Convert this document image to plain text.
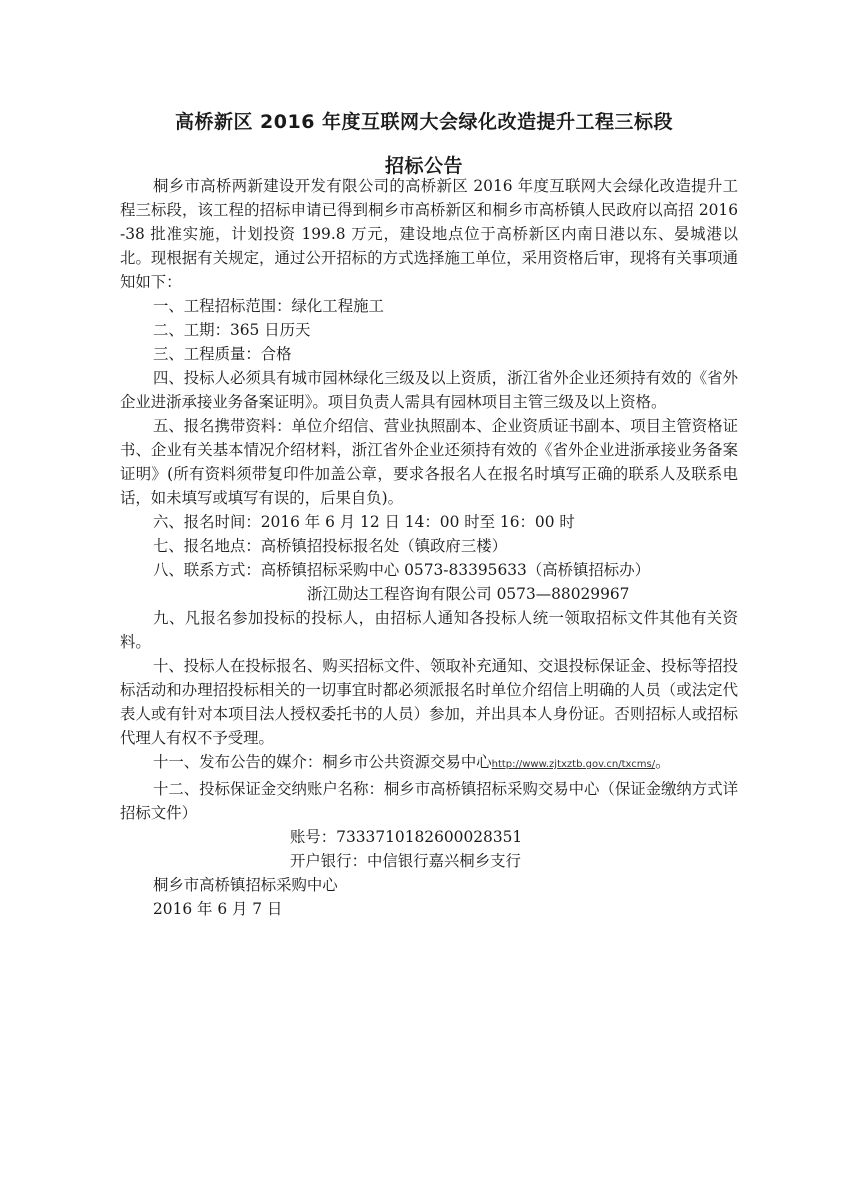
高桥新区 2016 年度互联网大会绿化改造提升工程三标段
招标公告

桐乡市高桥两新建设开发有限公司的高桥新区 2016 年度互联网大会绿化改造提升工程三标段，该工程的招标申请已得到桐乡市高桥新区和桐乡市高桥镇人民政府以高招 2016-38 批准实施，计划投资 199.8 万元，建设地点位于高桥新区内南日港以东、晏城港以北。现根据有关规定，通过公开招标的方式选择施工单位，采用资格后审，现将有关事项通知如下：

一、工程招标范围：绿化工程施工

二、工期：365 日历天

三、工程质量：合格

四、投标人必须具有城市园林绿化三级及以上资质，浙江省外企业还须持有效的《省外企业进浙承接业务备案证明》。项目负责人需具有园林项目主管三级及以上资格。

五、报名携带资料：单位介绍信、营业执照副本、企业资质证书副本、项目主管资格证书、企业有关基本情况介绍材料，浙江省外企业还须持有效的《省外企业进浙承接业务备案证明》(所有资料须带复印件加盖公章，要求各报名人在报名时填写正确的联系人及联系电话，如未填写或填写有误的，后果自负)。

六、报名时间：2016 年 6 月 12 日 14：00 时至 16：00 时

七、报名地点：高桥镇招投标报名处（镇政府三楼）

八、联系方式：高桥镇招标采购中心 0573-83395633（高桥镇招标办）

浙江勋达工程咨询有限公司 0573—88029967

九、凡报名参加投标的投标人，由招标人通知各投标人统一领取招标文件其他有关资料。

十、投标人在投标报名、购买招标文件、领取补充通知、交退投标保证金、投标等招投标活动和办理招投标相关的一切事宜时都必须派报名时单位介绍信上明确的人员（或法定代表人或有针对本项目法人授权委托书的人员）参加，并出具本人身份证。否则招标人或招标代理人有权不予受理。

十一、发布公告的媒介：桐乡市公共资源交易中心http://www.zjtxztb.gov.cn/txcms/。

十二、投标保证金交纳账户名称：桐乡市高桥镇招标采购交易中心（保证金缴纳方式详招标文件）

账号：7333710182600028351

开户银行：中信银行嘉兴桐乡支行

桐乡市高桥镇招标采购中心

2016 年 6 月 7 日
